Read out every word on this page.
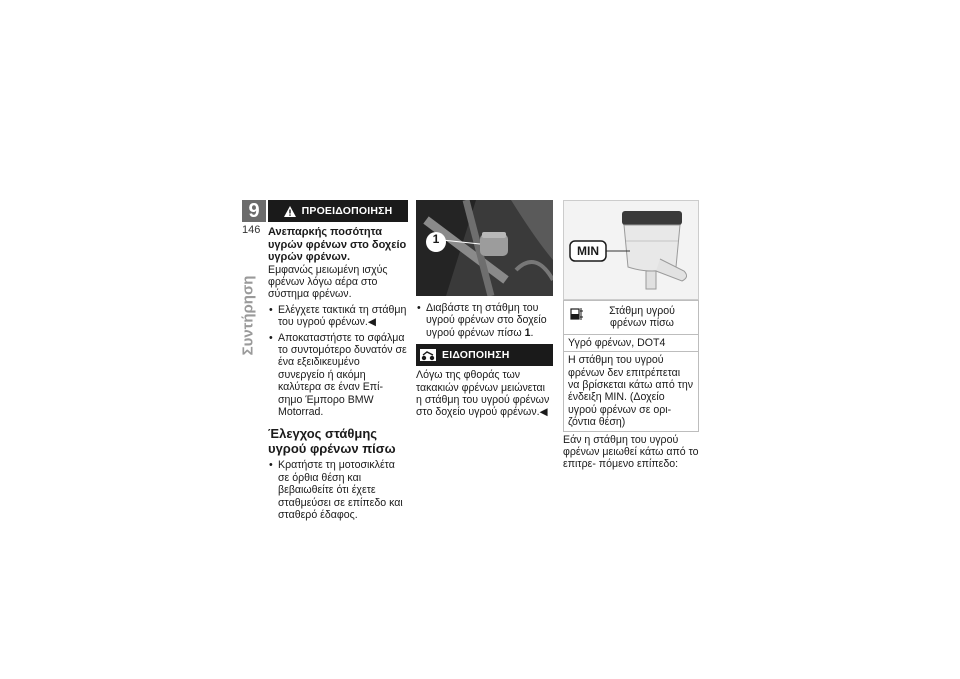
9
146
Συντήρηση
ΠΡΟΕΙΔΟΠΟΙΗΣΗ

Ανεπαρκής ποσότητα υγρών φρένων στο δοχείο υγρών φρένων.

Εμφανώς μειωμένη ισχύς φρένων λόγω αέρα στο σύστημα φρένων.

• Ελέγχετε τακτικά τη στάθμη του υγρού φρένων.◀
• Αποκαταστήστε το σφάλμα το συντομότερο δυνατόν σε ένα εξειδικευμένο συνεργείο ή ακόμη καλύτερα σε έναν Επί- σημο Έμπορο BMW Motorrad.
Έλεγχος στάθμης υγρού φρένων πίσω
• Κρατήστε τη μοτοσικλέτα σε όρθια θέση και βεβαιωθείτε ότι έχετε σταθμεύσει σε επίπεδο και σταθερό έδαφος.
1
• Διαβάστε τη στάθμη του υγρού φρένων στο δοχείο υγρού φρένων πίσω 1.
ΕΙΔΟΠΟΙΗΣΗ

Λόγω της φθοράς των τακακιών φρένων μειώνεται η στάθμη του υγρού φρένων στο δοχείο υγρού φρένων.◀

MIN
Στάθμη υγρού φρένων πίσω
Υγρό φρένων, DOT4
Η στάθμη του υγρού φρένων δεν επιτρέπεται να βρίσκεται κάτω από την ένδειξη MIN. (Δοχείο υγρού φρένων σε ορι- ζόντια θέση)

Εάν η στάθμη του υγρού φρένων μειωθεί κάτω από το επιτρε- πόμενο επίπεδο:
